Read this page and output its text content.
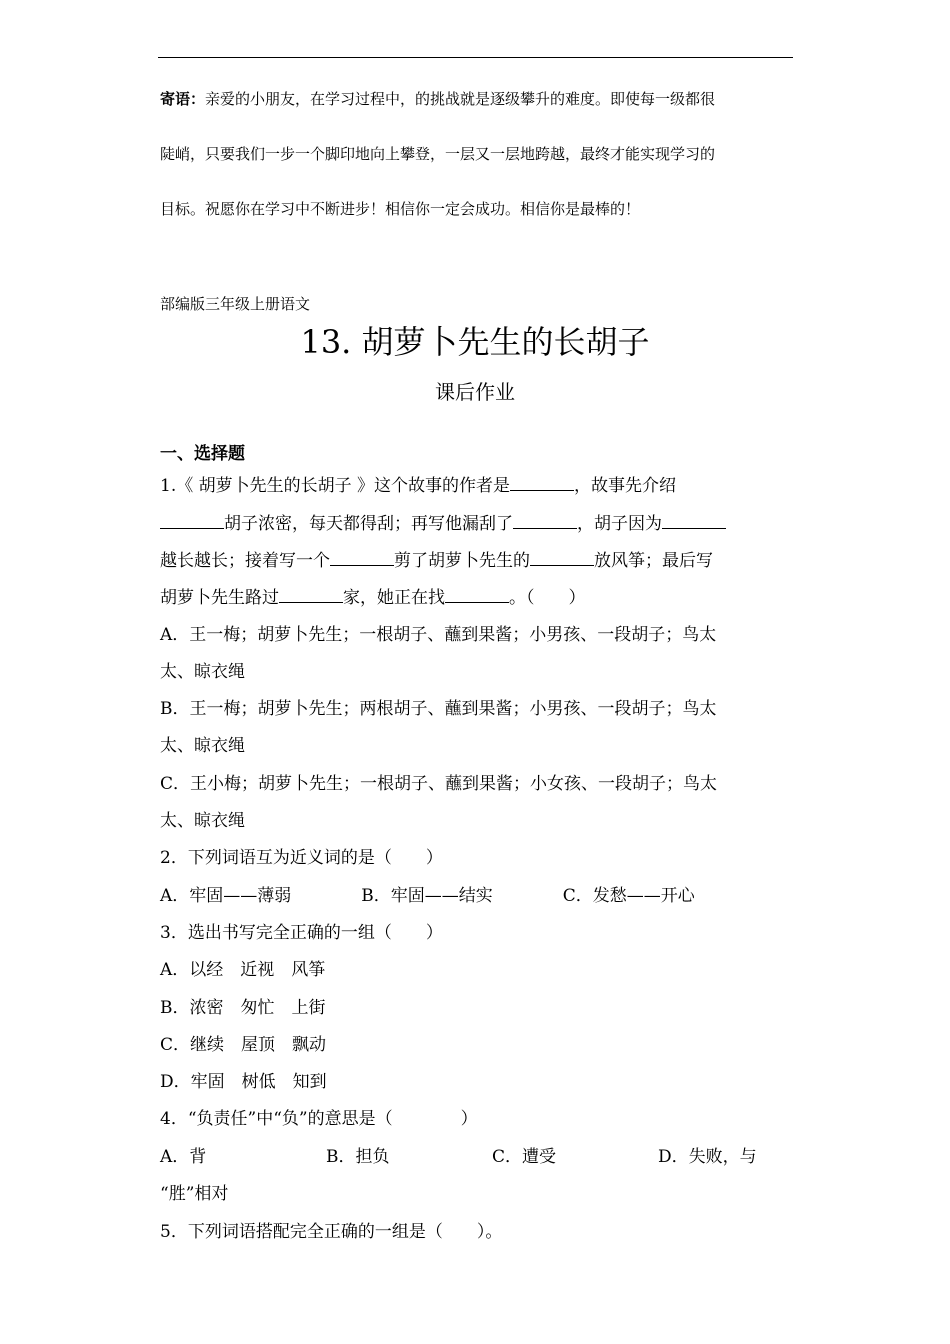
寄语：亲爱的小朋友，在学习过程中，的挑战就是逐级攀升的难度。即使每一级都很
陡峭，只要我们一步一个脚印地向上攀登，一层又一层地跨越，最终才能实现学习的
目标。祝愿你在学习中不断进步！相信你一定会成功。相信你是最棒的！
部编版三年级上册语文
13. 胡萝卜先生的长胡子
课后作业
一、选择题
1.《 胡萝卜先生的长胡子 》这个故事的作者是	，故事先介绍
胡子浓密，每天都得刮；再写他漏刮了	，胡子因为
越长越长；接着写一个	剪了胡萝卜先生的	放风筝；最后写
胡萝卜先生路过	家，她正在找	。（　　）
A．王一梅；胡萝卜先生；一根胡子、蘸到果酱；小男孩、一段胡子；鸟太
太、晾衣绳
B．王一梅；胡萝卜先生；两根胡子、蘸到果酱；小男孩、一段胡子；鸟太
太、晾衣绳
C．王小梅；胡萝卜先生；一根胡子、蘸到果酱；小女孩、一段胡子；鸟太
太、晾衣绳
2．下列词语互为近义词的是（　　）
A．牢固——薄弱	B．牢固——结实	C．发愁——开心
3．选出书写完全正确的一组（　　）
A．以经　近视　风筝
B．浓密　匆忙　上街
C．继续　屋顶　飘动
D．牢固　树低　知到
4．“负责任”中“负”的意思是（　　　　）
A．背	B．担负	C．遭受	D．失败，与
“胜”相对
5．下列词语搭配完全正确的一组是（　　）。
